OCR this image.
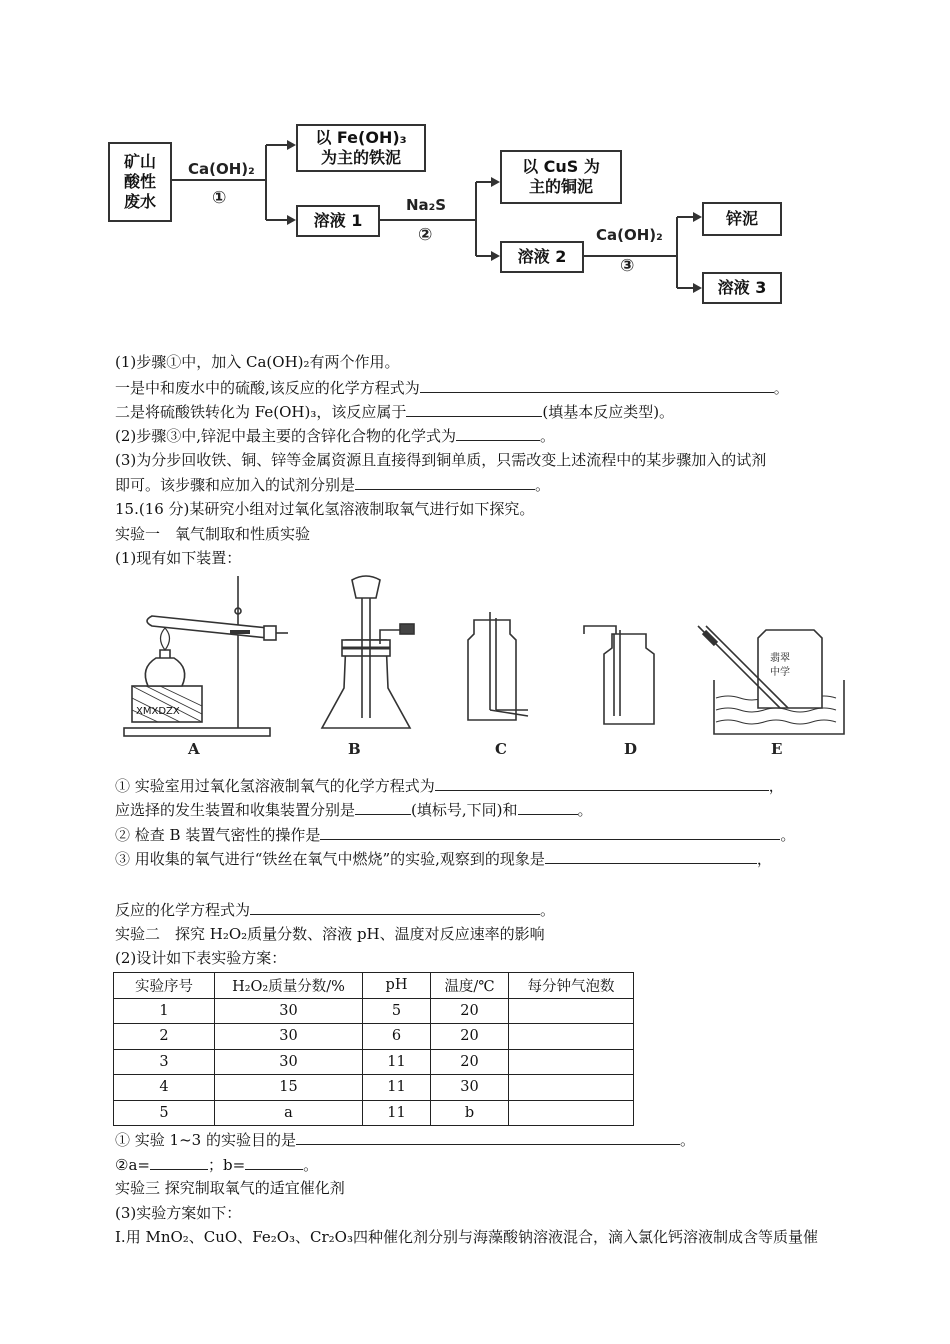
矿山
酸性
废水
Ca(OH)₂
①
以 Fe(OH)₃
为主的铁泥
溶液 1
Na₂S
②
以 CuS 为
主的铜泥
溶液 2
Ca(OH)₂
③
锌泥
溶液 3
(1)步骤①中，加入 Ca(OH)₂有两个作用。
一是中和废水中的硫酸,该反应的化学方程式为	。
二是将硫酸铁转化为 Fe(OH)₃，该反应属于	(填基本反应类型)。
(2)步骤③中,锌泥中最主要的含锌化合物的化学式为	。
(3)为分步回收铁、铜、锌等金属资源且直接得到铜单质，只需改变上述流程中的某步骤加入的试剂
即可。该步骤和应加入的试剂分别是	。
15.(16 分)某研究小组对过氧化氢溶液制取氧气进行如下探究。
实验一　氧气制取和性质实验
(1)现有如下装置：
XMXDZX
翡翠
中学
A	B	C	D	E
① 实验室用过氧化氢溶液制氧气的化学方程式为	，
应选择的发生装置和收集装置分别是	(填标号,下同)和	。
② 检查 B 装置气密性的操作是	。
③ 用收集的氧气进行“铁丝在氧气中燃烧”的实验,观察到的现象是	，
反应的化学方程式为	。
实验二　探究 H₂O₂质量分数、溶液 pH、温度对反应速率的影响
(2)设计如下表实验方案：
实验序号	H₂O₂质量分数/%	pH	温度/℃	每分钟气泡数
1	30	5	20	
2	30	6	20	
3	30	11	20	
4	15	11	30	
5	a	11	b	
① 实验 1~3 的实验目的是	。
②a=	；b=	。
实验三 探究制取氧气的适宜催化剂
(3)实验方案如下：
I.用 MnO₂、CuO、Fe₂O₃、Cr₂O₃四种催化剂分别与海藻酸钠溶液混合，滴入氯化钙溶液制成含等质量催
